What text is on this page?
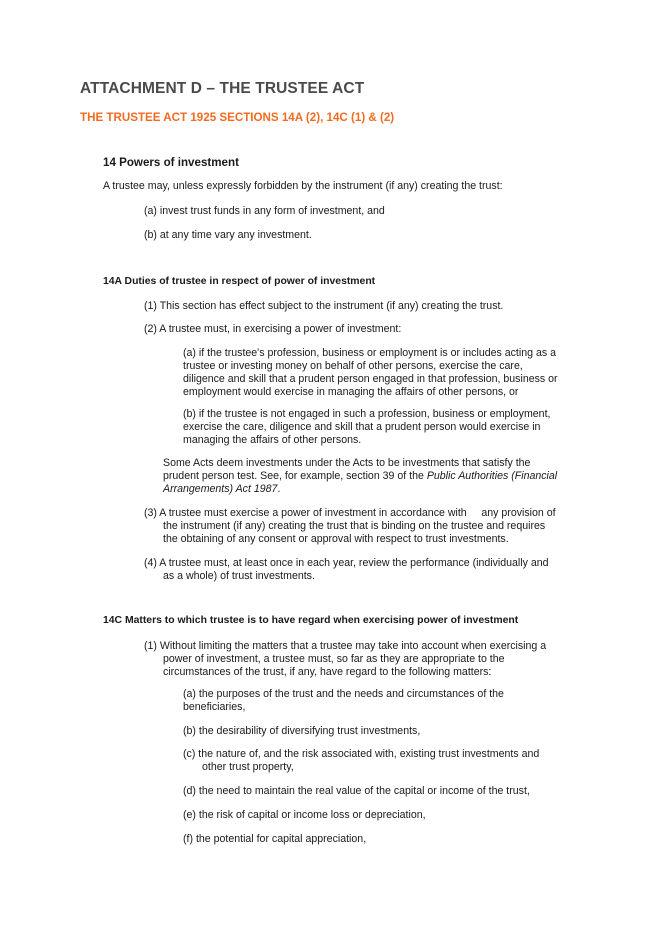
ATTACHMENT D – THE TRUSTEE ACT
THE TRUSTEE ACT 1925 SECTIONS 14A (2), 14C (1) & (2)
14 Powers of investment
A trustee may, unless expressly forbidden by the instrument (if any) creating the trust:
(a) invest trust funds in any form of investment, and
(b) at any time vary any investment.
14A Duties of trustee in respect of power of investment
(1) This section has effect subject to the instrument (if any) creating the trust.
(2) A trustee must, in exercising a power of investment:
(a) if the trustee's profession, business or employment is or includes acting as a
trustee or investing money on behalf of other persons, exercise the care,
diligence and skill that a prudent person engaged in that profession, business or
employment would exercise in managing the affairs of other persons, or
(b) if the trustee is not engaged in such a profession, business or employment,
exercise the care, diligence and skill that a prudent person would exercise in
managing the affairs of other persons.
Some Acts deem investments under the Acts to be investments that satisfy the
prudent person test. See, for example, section 39 of the Public Authorities (Financial
Arrangements) Act 1987.
(3) A trustee must exercise a power of investment in accordance with     any provision of
the instrument (if any) creating the trust that is binding on the trustee and requires
the obtaining of any consent or approval with respect to trust investments.
(4) A trustee must, at least once in each year, review the performance (individually and
as a whole) of trust investments.
14C Matters to which trustee is to have regard when exercising power of investment
(1) Without limiting the matters that a trustee may take into account when exercising a
power of investment, a trustee must, so far as they are appropriate to the
circumstances of the trust, if any, have regard to the following matters:
(a) the purposes of the trust and the needs and circumstances of the
beneficiaries,
(b) the desirability of diversifying trust investments,
(c) the nature of, and the risk associated with, existing trust investments and
other trust property,
(d) the need to maintain the real value of the capital or income of the trust,
(e) the risk of capital or income loss or depreciation,
(f) the potential for capital appreciation,
